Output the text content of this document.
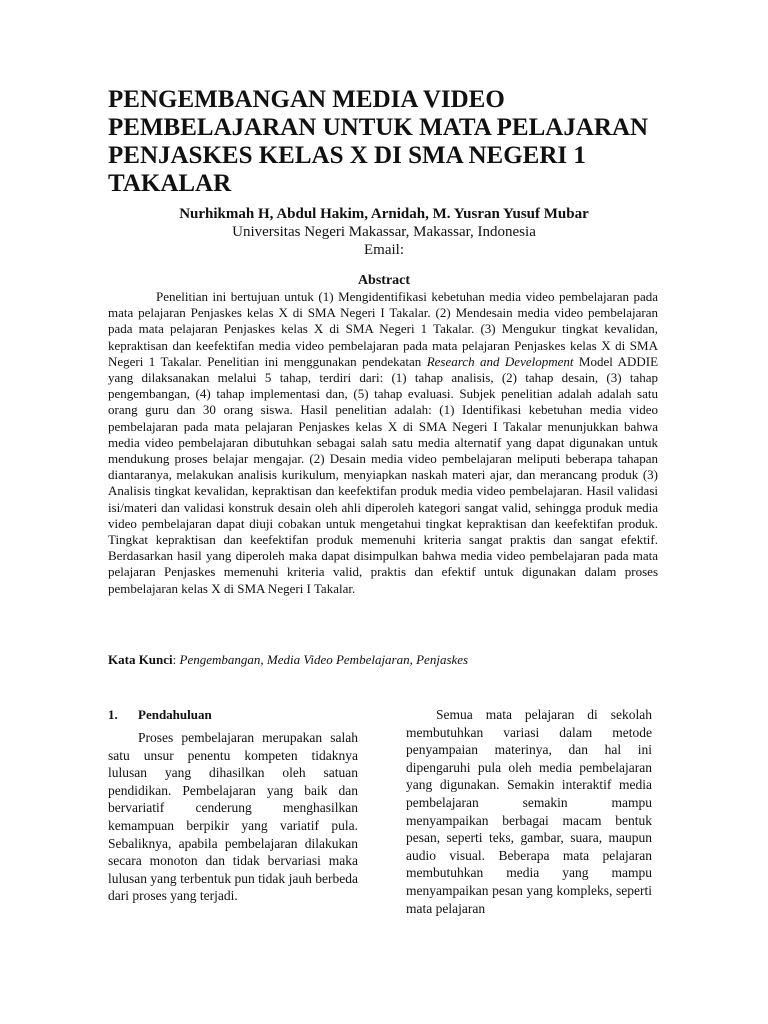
PENGEMBANGAN MEDIA VIDEO PEMBELAJARAN UNTUK MATA PELAJARAN PENJASKES KELAS X DI SMA NEGERI 1 TAKALAR
Nurhikmah H, Abdul Hakim, Arnidah, M. Yusran Yusuf Mubar
Universitas Negeri Makassar, Makassar, Indonesia
Email:
Abstract

Penelitian ini bertujuan untuk (1) Mengidentifikasi kebetuhan media video pembelajaran pada mata pelajaran Penjaskes kelas X di SMA Negeri I Takalar. (2) Mendesain media video pembelajaran pada mata pelajaran Penjaskes kelas X di SMA Negeri 1 Takalar. (3) Mengukur tingkat kevalidan, kepraktisan dan keefektifan media video pembelajaran pada mata pelajaran Penjaskes kelas X di SMA Negeri 1 Takalar. Penelitian ini menggunakan pendekatan Research and Development Model ADDIE yang dilaksanakan melalui 5 tahap, terdiri dari: (1) tahap analisis, (2) tahap desain, (3) tahap pengembangan, (4) tahap implementasi dan, (5) tahap evaluasi. Subjek penelitian adalah adalah satu orang guru dan 30 orang siswa. Hasil penelitian adalah: (1) Identifikasi kebetuhan media video pembelajaran pada mata pelajaran Penjaskes kelas X di SMA Negeri I Takalar menunjukkan bahwa media video pembelajaran dibutuhkan sebagai salah satu media alternatif yang dapat digunakan untuk mendukung proses belajar mengajar. (2) Desain media video pembelajaran meliputi beberapa tahapan diantaranya, melakukan analisis kurikulum, menyiapkan naskah materi ajar, dan merancang produk (3) Analisis tingkat kevalidan, kepraktisan dan keefektifan produk media video pembelajaran. Hasil validasi isi/materi dan validasi konstruk desain oleh ahli diperoleh kategori sangat valid, sehingga produk media video pembelajaran dapat diuji cobakan untuk mengetahui tingkat kepraktisan dan keefektifan produk. Tingkat kepraktisan dan keefektifan produk memenuhi kriteria sangat praktis dan sangat efektif. Berdasarkan hasil yang diperoleh maka dapat disimpulkan bahwa media video pembelajaran pada mata pelajaran Penjaskes memenuhi kriteria valid, praktis dan efektif untuk digunakan dalam proses pembelajaran kelas X di SMA Negeri I Takalar.

Kata Kunci: Pengembangan, Media Video Pembelajaran, Penjaskes
1. Pendahuluan

Proses pembelajaran merupakan salah satu unsur penentu kompeten tidaknya lulusan yang dihasilkan oleh satuan pendidikan. Pembelajaran yang baik dan bervariatif cenderung menghasilkan kemampuan berpikir yang variatif pula. Sebaliknya, apabila pembelajaran dilakukan secara monoton dan tidak bervariasi maka lulusan yang terbentuk pun tidak jauh berbeda dari proses yang terjadi.

Semua mata pelajaran di sekolah membutuhkan variasi dalam metode penyampaian materinya, dan hal ini dipengaruhi pula oleh media pembelajaran yang digunakan. Semakin interaktif media pembelajaran semakin mampu menyampaikan berbagai macam bentuk pesan, seperti teks, gambar, suara, maupun audio visual. Beberapa mata pelajaran membutuhkan media yang mampu menyampaikan pesan yang kompleks, seperti mata pelajaran
